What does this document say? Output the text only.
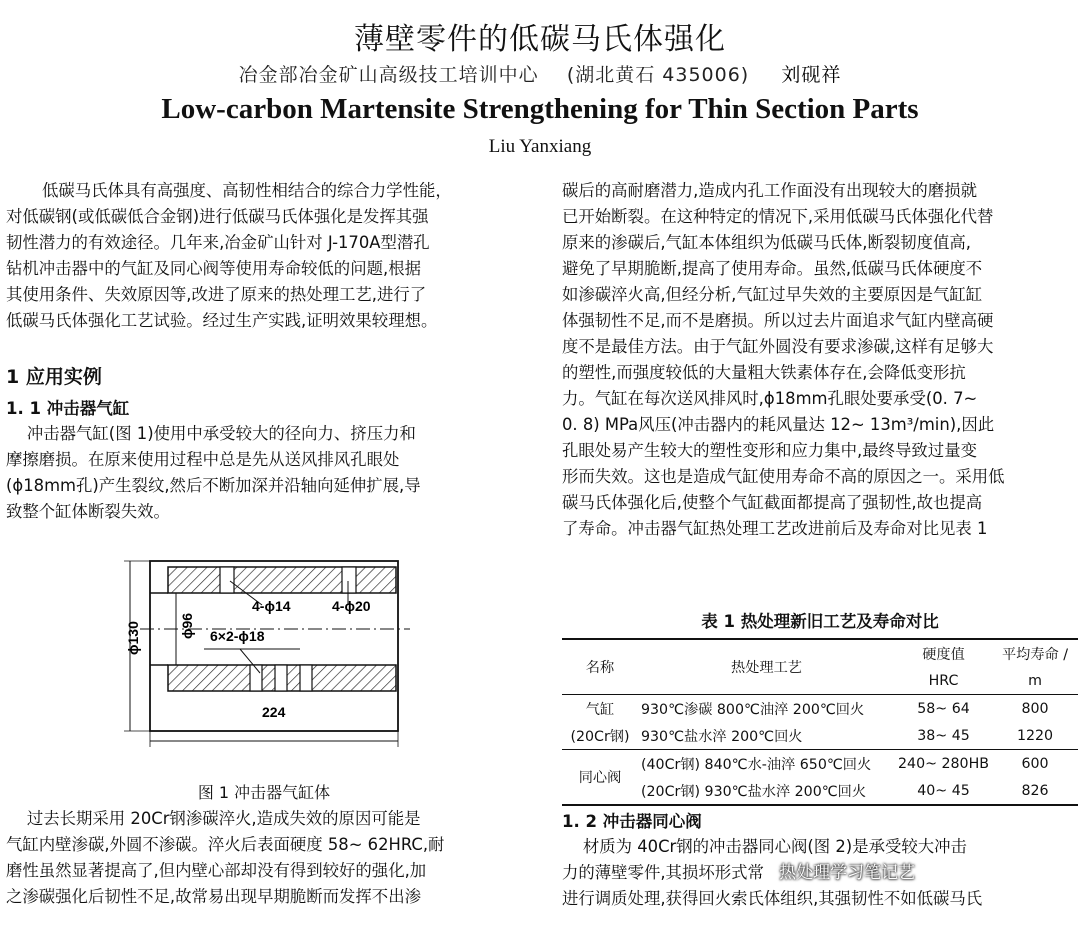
薄壁零件的低碳马氏体强化
冶金部冶金矿山高级技工培训中心    (湖北黄石 435006) 刘砚祥
Low-carbon Martensite Strengthening for Thin Section Parts
Liu Yanxiang

低碳马氏体具有高强度、高韧性相结合的综合力学性能，

对低碳钢(或低碳低合金钢)进行低碳马氏体强化是发挥其强

韧性潜力的有效途径。几年来,冶金矿山针对 J-170A型潜孔

钻机冲击器中的气缸及同心阀等使用寿命较低的问题,根据

其使用条件、失效原因等,改进了原来的热处理工艺,进行了

低碳马氏体强化工艺试验。经过生产实践,证明效果较理想。

1 应用实例
1. 1 冲击器气缸

冲击器气缸(图 1)使用中承受较大的径向力、挤压力和

摩擦磨损。在原来使用过程中总是先从送风排风孔眼处

(ϕ18mm孔)产生裂纹,然后不断加深并沿轴向延伸扩展,导

致整个缸体断裂失效。

ϕ130	ϕ96
4-ϕ14	4-ϕ20
6×2-ϕ18
224
图 1 冲击器气缸体

过去长期采用 20Cr钢渗碳淬火,造成失效的原因可能是

气缸内壁渗碳,外圆不渗碳。淬火后表面硬度 58~ 62HRC,耐

磨性虽然显著提高了,但内壁心部却没有得到较好的强化,加

之渗碳强化后韧性不足,故常易出现早期脆断而发挥不出渗

碳后的高耐磨潜力,造成内孔工作面没有出现较大的磨损就

已开始断裂。在这种特定的情况下,采用低碳马氏体强化代替

原来的渗碳后,气缸本体组织为低碳马氏体,断裂韧度值高,

避免了早期脆断,提高了使用寿命。虽然,低碳马氏体硬度不

如渗碳淬火高,但经分析,气缸过早失效的主要原因是气缸缸

体强韧性不足,而不是磨损。所以过去片面追求气缸内壁高硬

度不是最佳方法。由于气缸外圆没有要求渗碳,这样有足够大

的塑性,而强度较低的大量粗大铁素体存在,会降低变形抗

力。气缸在每次送风排风时,ϕ18mm孔眼处要承受(0. 7~

0. 8) MPa风压(冲击器内的耗风量达 12~ 13m³/min),因此

孔眼处易产生较大的塑性变形和应力集中,最终导致过量变

形而失效。这也是造成气缸使用寿命不高的原因之一。采用低

碳马氏体强化后,使整个气缸截面都提高了强韧性,故也提高

了寿命。冲击器气缸热处理工艺改进前后及寿命对比见表 1

表 1 热处理新旧工艺及寿命对比
名称	热处理工艺	硬度值	平均寿命 /
		HRC	m
气缸	930℃渗碳 800℃油淬 200℃回火	58~ 64	800
(20Cr钢)	930℃盐水淬 200℃回火	38~ 45	1220
同心阀	(40Cr钢) 840℃水-油淬 650℃回火	240~ 280HB	600
	(20Cr钢) 930℃盐水淬 200℃回火	40~ 45	826
1. 2 冲击器同心阀

材质为 40Cr钢的冲击器同心阀(图 2)是承受较大冲击

力的薄壁零件,其损坏形式常 热处理学习笔记艺

进行调质处理,获得回火索氏体组织,其强韧性不如低碳马氏
